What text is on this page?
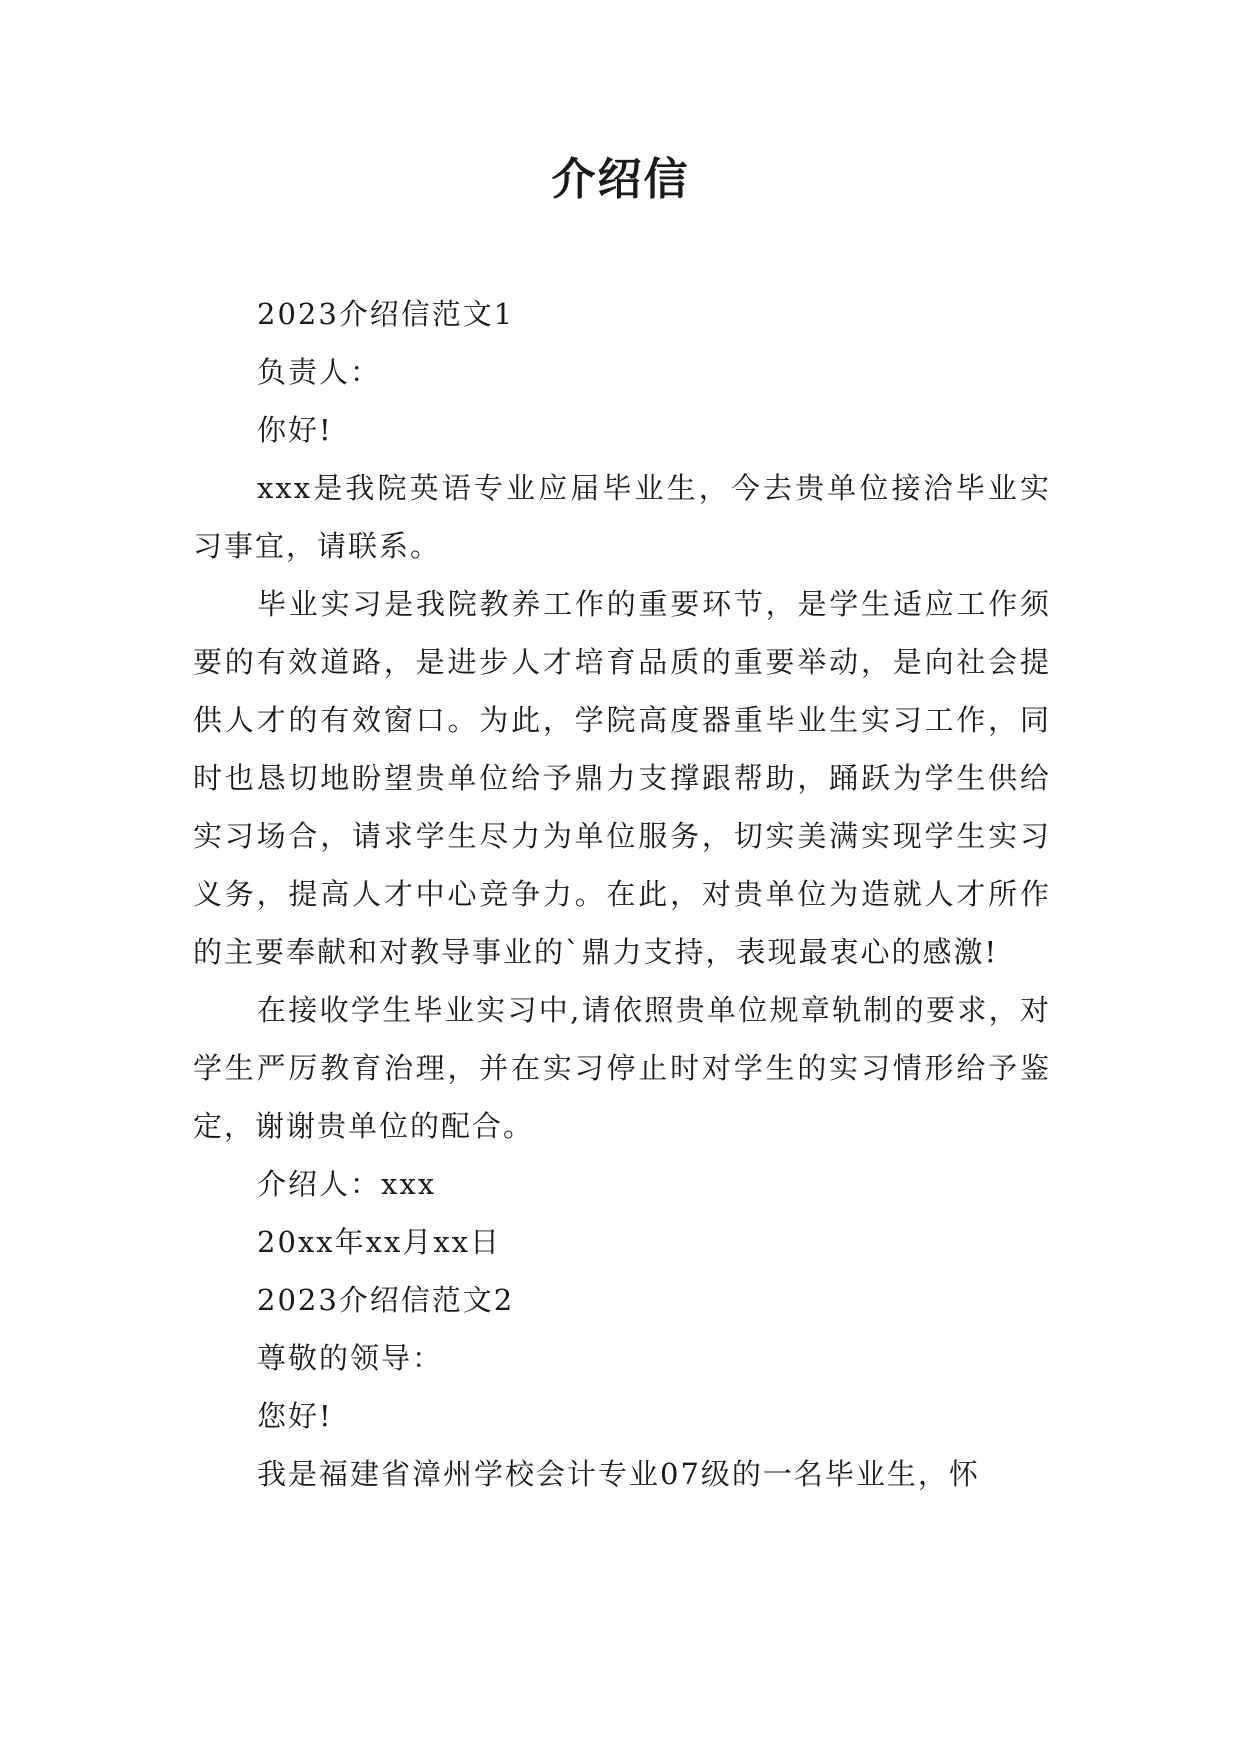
介绍信

2023介绍信范文1

负责人：

你好!

xxx是我院英语专业应届毕业生，今去贵单位接洽毕业实习事宜，请联系。

毕业实习是我院教养工作的重要环节，是学生适应工作须要的有效道路，是进步人才培育品质的重要举动，是向社会提供人才的有效窗口。为此，学院高度器重毕业生实习工作，同时也恳切地盼望贵单位给予鼎力支撑跟帮助，踊跃为学生供给实习场合，请求学生尽力为单位服务，切实美满实现学生实习义务，提高人才中心竞争力。在此，对贵单位为造就人才所作的主要奉献和对教导事业的`鼎力支持，表现最衷心的感激!

在接收学生毕业实习中,请依照贵单位规章轨制的要求，对学生严厉教育治理，并在实习停止时对学生的实习情形给予鉴定，谢谢贵单位的配合。

介绍人：xxx

20xx年xx月xx日

2023介绍信范文2

尊敬的领导：

您好!

我是福建省漳州学校会计专业07级的一名毕业生，怀
